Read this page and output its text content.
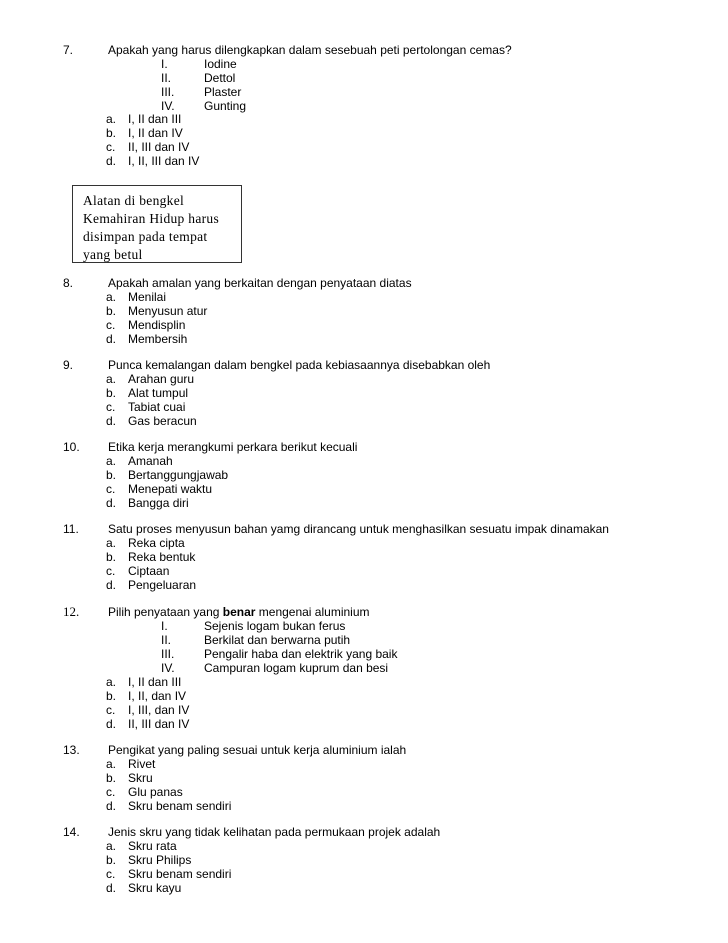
7.	Apakah yang harus dilengkapkan dalam sesebuah peti pertolongan cemas?
I.	Iodine
II.	Dettol
III.	Plaster
IV.	Gunting
a. I, II dan III
b. I, II dan IV
c. II, III dan IV
d. I, II, III dan IV
Alatan di bengkel
Kemahiran Hidup harus
disimpan pada tempat
yang betul
8.	Apakah amalan yang berkaitan dengan penyataan diatas
a. Menilai
b. Menyusun atur
c. Mendisplin
d. Membersih
9.	Punca kemalangan dalam bengkel pada kebiasaannya disebabkan oleh
a. Arahan guru
b. Alat tumpul
c. Tabiat cuai
d. Gas beracun
10. Etika kerja merangkumi perkara berikut kecuali
a. Amanah
b. Bertanggungjawab
c. Menepati waktu
d. Bangga diri
11. Satu proses menyusun bahan yamg dirancang untuk menghasilkan sesuatu impak dinamakan
a. Reka cipta
b. Reka bentuk
c. Ciptaan
d. Pengeluaran
12. Pilih penyataan yang benar mengenai aluminium
I.	Sejenis logam bukan ferus
II.	Berkilat dan berwarna putih
III.	Pengalir haba dan elektrik yang baik
IV.	Campuran logam kuprum dan besi
a. I, II dan III
b. I, II, dan IV
c. I, III, dan IV
d. II, III dan IV
13. Pengikat yang paling sesuai untuk kerja aluminium ialah
a. Rivet
b. Skru
c. Glu panas
d. Skru benam sendiri
14. Jenis skru yang tidak kelihatan pada permukaan projek adalah
a. Skru rata
b. Skru Philips
c. Skru benam sendiri
d. Skru kayu
